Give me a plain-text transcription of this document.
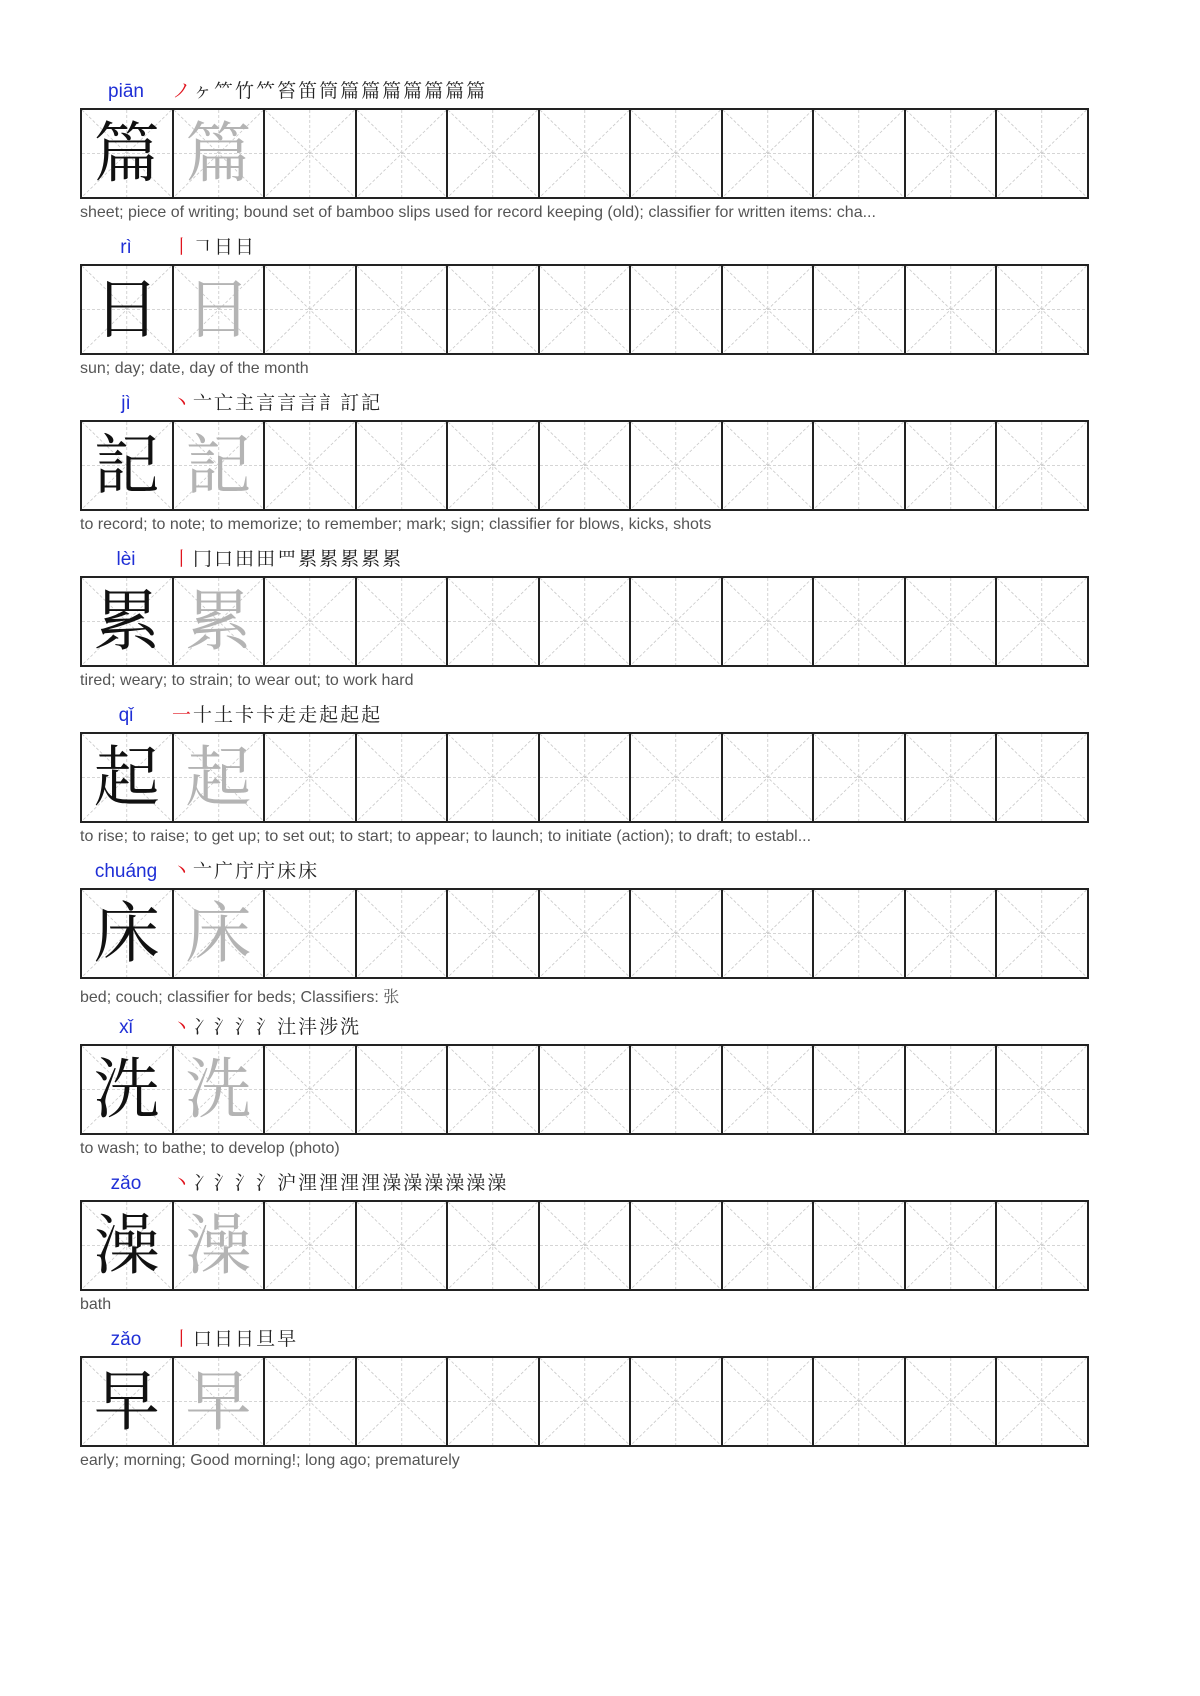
piān	ノ ヶ ⺮ 竹 𥫗 笞 笛 筒 篇 篇 篇 篇 篇 篇 篇
篇 篇
sheet; piece of writing; bound set of bamboo slips used for record keeping (old); classifier for written items: cha...
rì	丨 𠃍 日 日
日 日
sun; day; date, day of the month
jì	丶 亠 亡 主 言 言 言 訁 訂 記
記 記
to record; to note; to memorize; to remember; mark; sign; classifier for blows, kicks, shots
lèi	丨 冂 口 田 田 罒 累 累 累 累 累
累 累
tired; weary; to strain; to wear out; to work hard
qǐ	一 十 土 卡 卡 走 走 起 起 起
起 起
to rise; to raise; to get up; to set out; to start; to appear; to launch; to initiate (action); to draft; to establ...
chuáng 丶 亠 广 庁 庁 床 床
床 床
bed; couch; classifier for beds; Classifiers: 张
xǐ	丶 冫 氵 氵 氵 汢 沣 涉 洗
洗 洗
to wash; to bathe; to develop (photo)
zǎo	丶 冫 氵 氵 氵 沪 浬 浬 浬 浬 澡 澡 澡 澡 澡 澡
澡 澡
bath
zǎo	丨 口 日 日 旦 早
早 早
early; morning; Good morning!; long ago; prematurely
